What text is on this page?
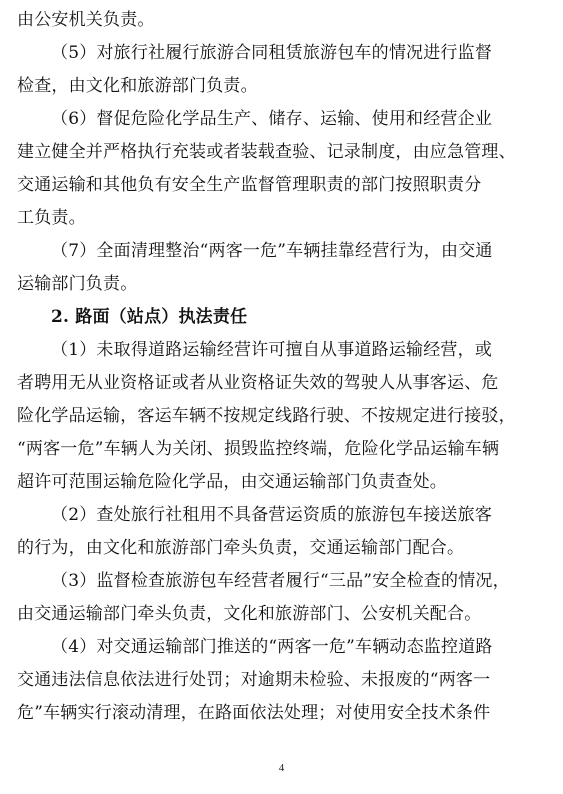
由公安机关负责。
（5）对旅行社履行旅游合同租赁旅游包车的情况进行监督
检查，由文化和旅游部门负责。
（6）督促危险化学品生产、储存、运输、使用和经营企业
建立健全并严格执行充装或者装载查验、记录制度，由应急管理、
交通运输和其他负有安全生产监督管理职责的部门按照职责分
工负责。
（7）全面清理整治“两客一危”车辆挂靠经营行为，由交通
运输部门负责。
2. 路面（站点）执法责任
（1）未取得道路运输经营许可擅自从事道路运输经营，或
者聘用无从业资格证或者从业资格证失效的驾驶人从事客运、危
险化学品运输，客运车辆不按规定线路行驶、不按规定进行接驳，
“两客一危”车辆人为关闭、损毁监控终端，危险化学品运输车辆
超许可范围运输危险化学品，由交通运输部门负责查处。
（2）查处旅行社租用不具备营运资质的旅游包车接送旅客
的行为，由文化和旅游部门牵头负责，交通运输部门配合。
（3）监督检查旅游包车经营者履行“三品”安全检查的情况，
由交通运输部门牵头负责，文化和旅游部门、公安机关配合。
（4）对交通运输部门推送的“两客一危”车辆动态监控道路
交通违法信息依法进行处罚；对逾期未检验、未报废的“两客一
危”车辆实行滚动清理，在路面依法处理；对使用安全技术条件
4
